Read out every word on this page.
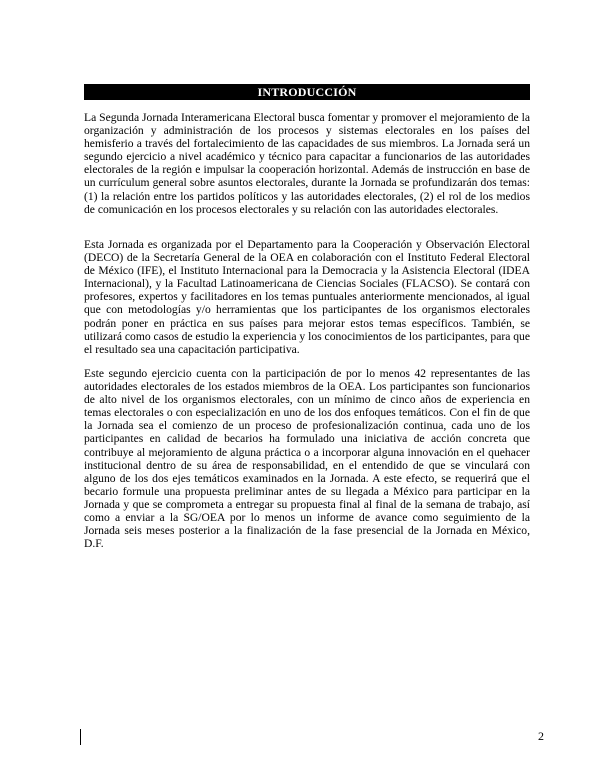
INTRODUCCIÓN

La Segunda Jornada Interamericana Electoral busca fomentar y promover el mejoramiento de la organización y administración de los procesos y sistemas electorales en los países del hemisferio a través del fortalecimiento de las capacidades de sus miembros. La Jornada será un segundo ejercicio a nivel académico y técnico para capacitar a funcionarios de las autoridades electorales de la región e impulsar la cooperación horizontal. Además de instrucción en base de un currículum general sobre asuntos electorales, durante la Jornada se profundizarán dos temas: (1) la relación entre los partidos políticos y las autoridades electorales, (2) el rol de los medios de comunicación en los procesos electorales y su relación con las autoridades electorales.

Esta Jornada es organizada por el Departamento para la Cooperación y Observación Electoral (DECO) de la Secretaría General de la OEA en colaboración con el Instituto Federal Electoral de México (IFE), el Instituto Internacional para la Democracia y la Asistencia Electoral (IDEA Internacional), y la Facultad Latinoamericana de Ciencias Sociales (FLACSO). Se contará con profesores, expertos y facilitadores en los temas puntuales anteriormente mencionados, al igual que con metodologías y/o herramientas que los participantes de los organismos electorales podrán poner en práctica en sus países para mejorar estos temas específicos. También, se utilizará como casos de estudio la experiencia y los conocimientos de los participantes, para que el resultado sea una capacitación participativa.

Este segundo ejercicio cuenta con la participación de por lo menos 42 representantes de las autoridades electorales de los estados miembros de la OEA. Los participantes son funcionarios de alto nivel de los organismos electorales, con un mínimo de cinco años de experiencia en temas electorales o con especialización en uno de los dos enfoques temáticos. Con el fin de que la Jornada sea el comienzo de un proceso de profesionalización continua, cada uno de los participantes en calidad de becarios ha formulado una iniciativa de acción concreta que contribuye al mejoramiento de alguna práctica o a incorporar alguna innovación en el quehacer institucional dentro de su área de responsabilidad, en el entendido de que se vinculará con alguno de los dos ejes temáticos examinados en la Jornada. A este efecto, se requerirá que el becario formule una propuesta preliminar antes de su llegada a México para participar en la Jornada y que se comprometa a entregar su propuesta final al final de la semana de trabajo, así como a enviar a la SG/OEA por lo menos un informe de avance como seguimiento de la Jornada seis meses posterior a la finalización de la fase presencial de la Jornada en México, D.F.

2
